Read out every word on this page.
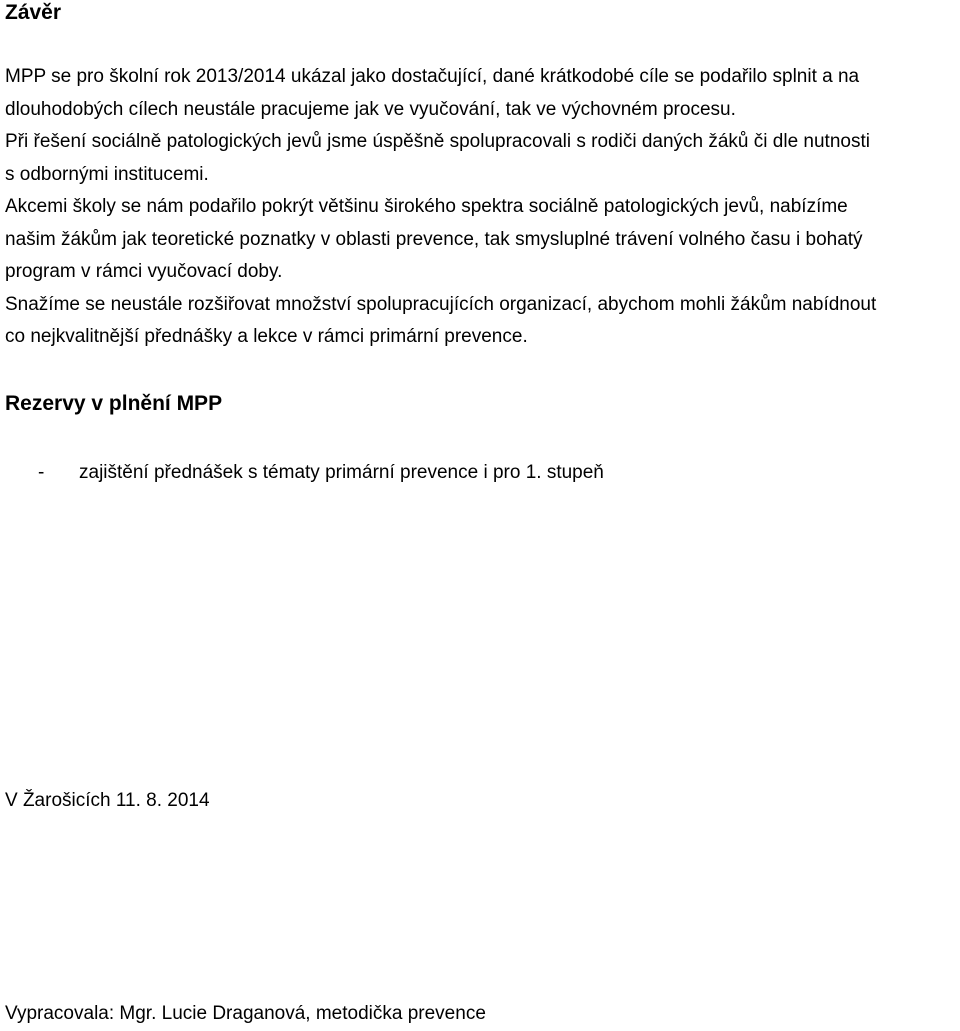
Závěr
MPP se pro školní rok 2013/2014 ukázal jako dostačující, dané krátkodobé cíle se podařilo splnit a na
dlouhodobých cílech neustále pracujeme jak ve vyučování, tak ve výchovném procesu.
Při řešení sociálně patologických jevů jsme úspěšně spolupracovali s rodiči daných žáků či dle nutnosti
s odbornými institucemi.
Akcemi školy se nám podařilo pokrýt většinu širokého spektra sociálně patologických jevů, nabízíme
našim žákům jak teoretické poznatky v oblasti prevence, tak smysluplné trávení volného času i bohatý
program v rámci vyučovací doby.
Snažíme se neustále rozšiřovat množství spolupracujících organizací, abychom mohli žákům nabídnout
co nejkvalitnější přednášky a lekce v rámci primární prevence.
Rezervy v plnění MPP
- zajištění přednášek s tématy primární prevence i pro 1. stupeň
V Žarošicích 11. 8. 2014
Vypracovala: Mgr. Lucie Draganová, metodička prevence
